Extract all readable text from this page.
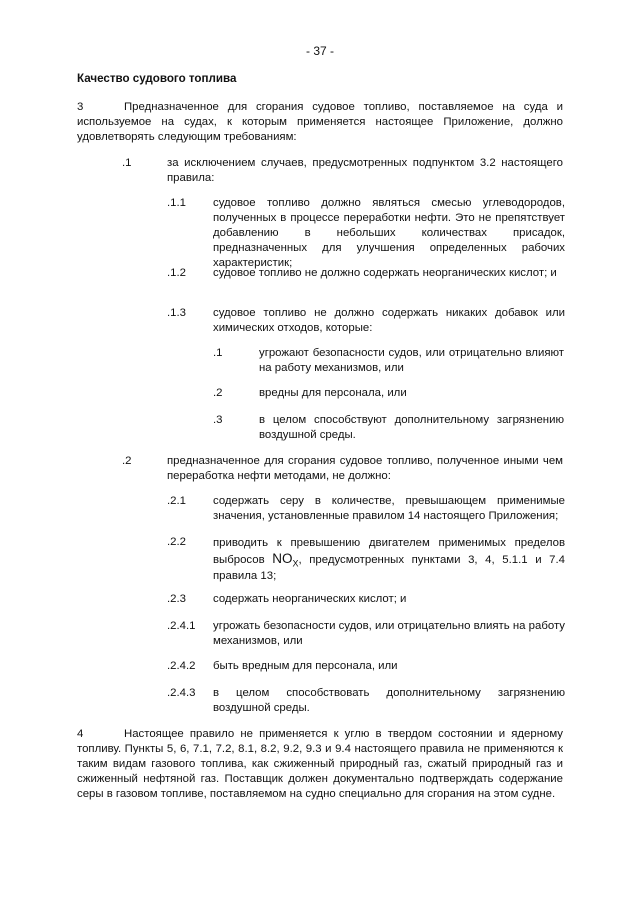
- 37 -
Качество судового топлива
3	Предназначенное для сгорания судовое топливо, поставляемое на суда и используемое на судах, к которым применяется настоящее Приложение, должно удовлетворять следующим требованиям:
.1	за исключением случаев, предусмотренных подпунктом 3.2 настоящего правила:
.1.1 судовое топливо должно являться смесью углеводородов, полученных в процессе переработки нефти. Это не препятствует добавлению в небольших количествах присадок, предназначенных для улучшения определенных рабочих характеристик;
.1.2 судовое топливо не должно содержать неорганических кислот; и
.1.3 судовое топливо не должно содержать никаких добавок или химических отходов, которые:
.1	угрожают безопасности судов, или отрицательно влияют на работу механизмов, или
.2	вредны для персонала, или
.3	в целом способствуют дополнительному загрязнению воздушной среды.
.2	предназначенное для сгорания судовое топливо, полученное иными чем переработка нефти методами, не должно:
.2.1 содержать серу в количестве, превышающем применимые значения, установленные правилом 14 настоящего Приложения;
.2.2 приводить к превышению двигателем применимых пределов выбросов $NO_X$, предусмотренных пунктами 3, 4, 5.1.1 и 7.4 правила 13;
.2.3 содержать неорганических кислот; и
.2.4.1 угрожать безопасности судов, или отрицательно влиять на работу механизмов, или
.2.4.2 быть вредным для персонала, или
.2.4.3 в целом способствовать дополнительному загрязнению воздушной среды.
4	Настоящее правило не применяется к углю в твердом состоянии и ядерному топливу. Пункты 5, 6, 7.1, 7.2, 8.1, 8.2, 9.2, 9.3 и 9.4 настоящего правила не применяются к таким видам газового топлива, как сжиженный природный газ, сжатый природный газ и сжиженный нефтяной газ. Поставщик должен документально подтверждать содержание серы в газовом топливе, поставляемом на судно специально для сгорания на этом судне.
